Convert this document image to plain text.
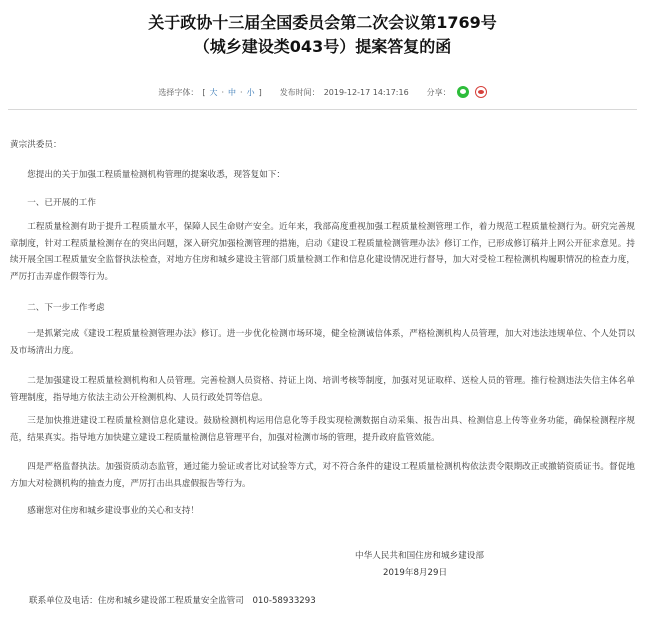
关于政协十三届全国委员会第二次会议第1769号
（城乡建设类043号）提案答复的函
选择字体： [ 大 · 中 · 小 ] 发布时间： 2019-12-17 14:17:16 分享：

黄宗洪委员：

您提出的关于加强工程质量检测机构管理的提案收悉，现答复如下：

一、已开展的工作

工程质量检测有助于提升工程质量水平，保障人民生命财产安全。近年来，我部高度重视加强工程质量检测管理工作，着力规范工程质量检测行为。研究完善规章制度，针对工程质量检测存在的突出问题，深入研究加强检测管理的措施，启动《建设工程质量检测管理办法》修订工作，已形成修订稿并上网公开征求意见。持续开展全国工程质量安全监督执法检查，对地方住房和城乡建设主管部门质量检测工作和信息化建设情况进行督导，加大对受检工程检测机构履职情况的检查力度，严厉打击弄虚作假等行为。

二、下一步工作考虑

一是抓紧完成《建设工程质量检测管理办法》修订。进一步优化检测市场环境，健全检测诚信体系，严格检测机构人员管理，加大对违法违规单位、个人处罚以及市场清出力度。

二是加强建设工程质量检测机构和人员管理。完善检测人员资格、持证上岗、培训考核等制度，加强对见证取样、送检人员的管理。推行检测违法失信主体名单管理制度，指导地方依法主动公开检测机构、人员行政处罚等信息。

三是加快推进建设工程质量检测信息化建设。鼓励检测机构运用信息化等手段实现检测数据自动采集、报告出具、检测信息上传等业务功能，确保检测程序规范，结果真实。指导地方加快建立建设工程质量检测信息管理平台，加强对检测市场的管理，提升政府监管效能。

四是严格监督执法。加强资质动态监管，通过能力验证或者比对试验等方式，对不符合条件的建设工程质量检测机构依法责令限期改正或撤销资质证书。督促地方加大对检测机构的抽查力度，严厉打击出具虚假报告等行为。

感谢您对住房和城乡建设事业的关心和支持！

中华人民共和国住房和城乡建设部
2019年8月29日
联系单位及电话：住房和城乡建设部工程质量安全监管司　010-58933293
